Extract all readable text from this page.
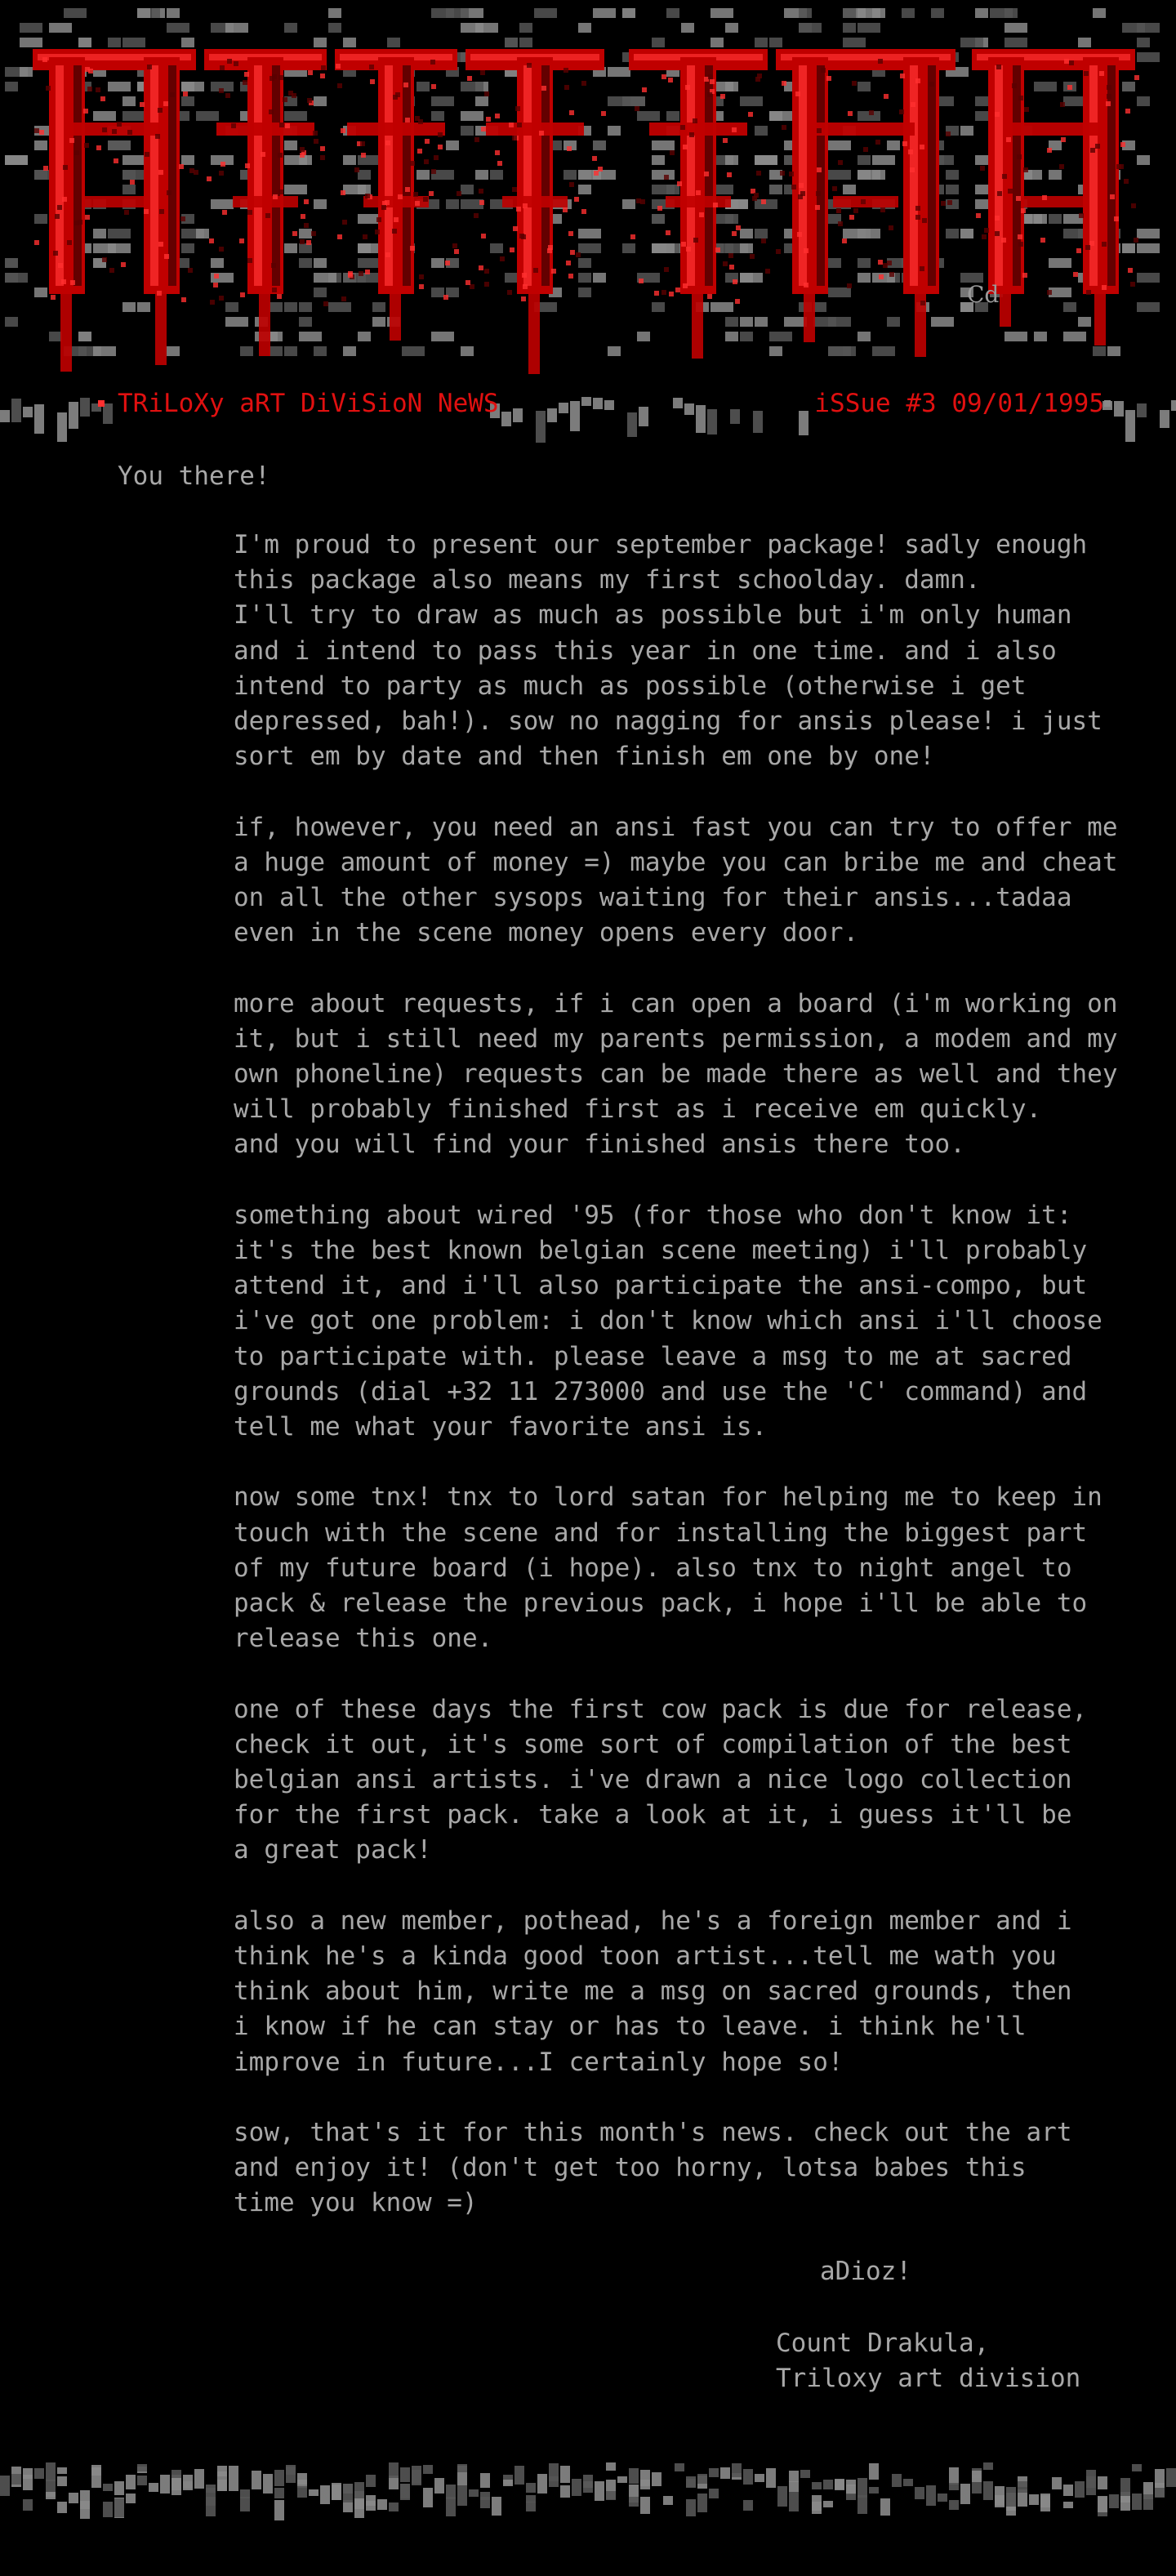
Cd
TRiLoXy aRT DiViSioN NeWS	iSSue #3 09/01/1995
You there!
I'm proud to present our september package! sadly enough
this package also means my first schoolday. damn.
I'll try to draw as much as possible but i'm only human
and i intend to pass this year in one time. and i also
intend to party as much as possible (otherwise i get
depressed, bah!). sow no nagging for ansis please! i just
sort em by date and then finish em one by one!
if, however, you need an ansi fast you can try to offer me
a huge amount of money =) maybe you can bribe me and cheat
on all the other sysops waiting for their ansis...tadaa
even in the scene money opens every door.
more about requests, if i can open a board (i'm working on
it, but i still need my parents permission, a modem and my
own phoneline) requests can be made there as well and they
will probably finished first as i receive em quickly.
and you will find your finished ansis there too.
something about wired '95 (for those who don't know it:
it's the best known belgian scene meeting) i'll probably
attend it, and i'll also participate the ansi-compo, but
i've got one problem: i don't know which ansi i'll choose
to participate with. please leave a msg to me at sacred
grounds (dial +32 11 273000 and use the 'C' command) and
tell me what your favorite ansi is.
now some tnx! tnx to lord satan for helping me to keep in
touch with the scene and for installing the biggest part
of my future board (i hope). also tnx to night angel to
pack & release the previous pack, i hope i'll be able to
release this one.
one of these days the first cow pack is due for release,
check it out, it's some sort of compilation of the best
belgian ansi artists. i've drawn a nice logo collection
for the first pack. take a look at it, i guess it'll be
a great pack!
also a new member, pothead, he's a foreign member and i
think he's a kinda good toon artist...tell me wath you
think about him, write me a msg on sacred grounds, then
i know if he can stay or has to leave. i think he'll
improve in future...I certainly hope so!
sow, that's it for this month's news. check out the art
and enjoy it! (don't get too horny, lotsa babes this
time you know =)
aDioz!
Count Drakula,
Triloxy art division
